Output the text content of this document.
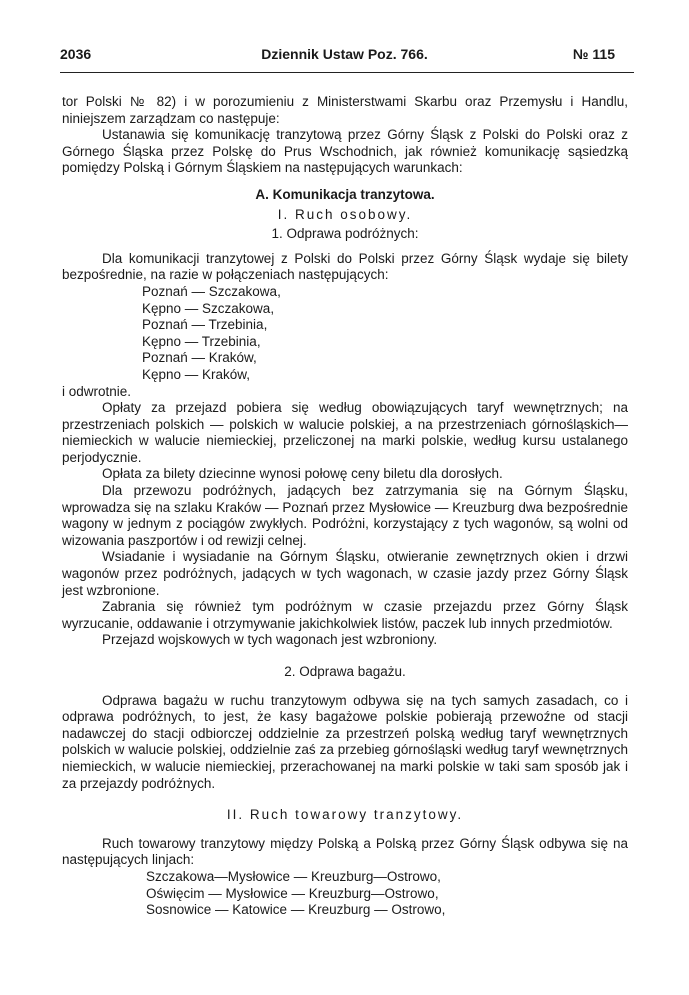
2036	Dziennik Ustaw Poz. 766.	№ 115

tor Polski № 82) i w porozumieniu z Ministerstwami Skarbu oraz Przemysłu i Handlu, niniejszem zarządzam co następuje:

Ustanawia się komunikację tranzytową przez Górny Śląsk z Polski do Polski oraz z Górnego Śląska przez Polskę do Prus Wschodnich, jak również komunikację sąsiedzką pomiędzy Polską i Górnym Śląskiem na następujących warunkach:

A. Komunikacja tranzytowa.

I. Ruch osobowy.

1. Odprawa podróżnych:

Dla komunikacji tranzytowej z Polski do Polski przez Górny Śląsk wydaje się bilety bezpośrednie, na razie w połączeniach następujących:

Poznań — Szczakowa,
Kępno — Szczakowa,
Poznań — Trzebinia,
Kępno — Trzebinia,
Poznań — Kraków,
Kępno — Kraków,

i odwrotnie.

Opłaty za przejazd pobiera się według obowiązujących taryf wewnętrznych; na przestrzeniach polskich — polskich w walucie polskiej, a na przestrzeniach górnośląskich—niemieckich w walucie niemieckiej, przeliczonej na marki polskie, według kursu ustalanego perjodycznie.

Opłata za bilety dziecinne wynosi połowę ceny biletu dla dorosłych.

Dla przewozu podróżnych, jadących bez zatrzymania się na Górnym Śląsku, wprowadza się na szlaku Kraków — Poznań przez Mysłowice — Kreuzburg dwa bezpośrednie wagony w jednym z pociągów zwykłych. Podróżni, korzystający z tych wagonów, są wolni od wizowania paszportów i od rewizji celnej.

Wsiadanie i wysiadanie na Górnym Śląsku, otwieranie zewnętrznych okien i drzwi wagonów przez podróżnych, jadących w tych wagonach, w czasie jazdy przez Górny Śląsk jest wzbronione.

Zabrania się również tym podróżnym w czasie przejazdu przez Górny Śląsk wyrzucanie, oddawanie i otrzymywanie jakichkolwiek listów, paczek lub innych przedmiotów.

Przejazd wojskowych w tych wagonach jest wzbroniony.

2. Odprawa bagażu.

Odprawa bagażu w ruchu tranzytowym odbywa się na tych samych zasadach, co i odprawa podróżnych, to jest, że kasy bagażowe polskie pobierają przewoźne od stacji nadawczej do stacji odbiorczej oddzielnie za przestrzeń polską według taryf wewnętrznych polskich w walucie polskiej, oddzielnie zaś za przebieg górnośląski według taryf wewnętrznych niemieckich, w walucie niemieckiej, przerachowanej na marki polskie w taki sam sposób jak i za przejazdy podróżnych.

II. Ruch towarowy tranzytowy.

Ruch towarowy tranzytowy między Polską a Polską przez Górny Śląsk odbywa się na następujących linjach:

Szczakowa—Mysłowice — Kreuzburg—Ostrowo,
Oświęcim — Mysłowice — Kreuzburg—Ostrowo,
Sosnowice — Katowice — Kreuzburg — Ostrowo,
